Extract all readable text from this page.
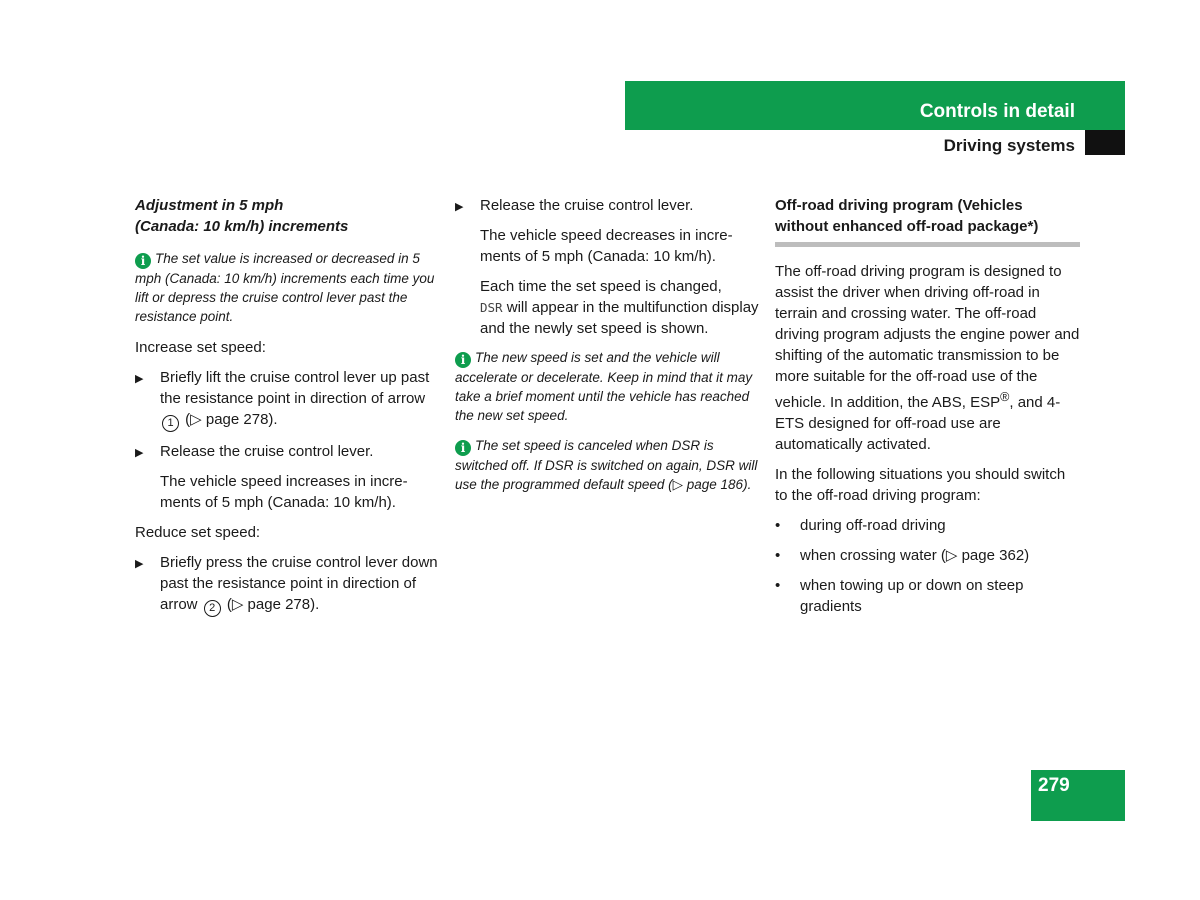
Controls in detail
Driving systems

Adjustment in 5 mph
(Canada: 10 km/h) increments

i The set value is increased or decreased in 5 mph (Canada: 10 km/h) increments each time you lift or depress the cruise control lever past the resistance point.

Increase set speed:

▶ Briefly lift the cruise control lever up past the resistance point in direction of arrow 1 (▷ page 278).
▶ Release the cruise control lever.

The vehicle speed increases in increments of 5 mph (Canada: 10 km/h).

Reduce set speed:

▶ Briefly press the cruise control lever down past the resistance point in direction of arrow 2 (▷ page 278).
▶ Release the cruise control lever.

The vehicle speed decreases in increments of 5 mph (Canada: 10 km/h).

Each time the set speed is changed,
DSR will appear in the multifunction display and the newly set speed is shown.

i The new speed is set and the vehicle will accelerate or decelerate. Keep in mind that it may take a brief moment until the vehicle has reached the new set speed.

i The set speed is canceled when DSR is switched off. If DSR is switched on again, DSR will use the programmed default speed (▷ page 186).

Off-road driving program (Vehicles without enhanced off-road package*)

The off-road driving program is designed to assist the driver when driving off-road in terrain and crossing water. The off-road driving program adjusts the engine power and shifting of the automatic transmission to be more suitable for the off-road use of the vehicle. In addition, the ABS, ESP®, and 4-ETS designed for off-road use are automatically activated.

In the following situations you should switch to the off-road driving program:

• during off-road driving
• when crossing water (▷ page 362)
• when towing up or down on steep gradients
279
